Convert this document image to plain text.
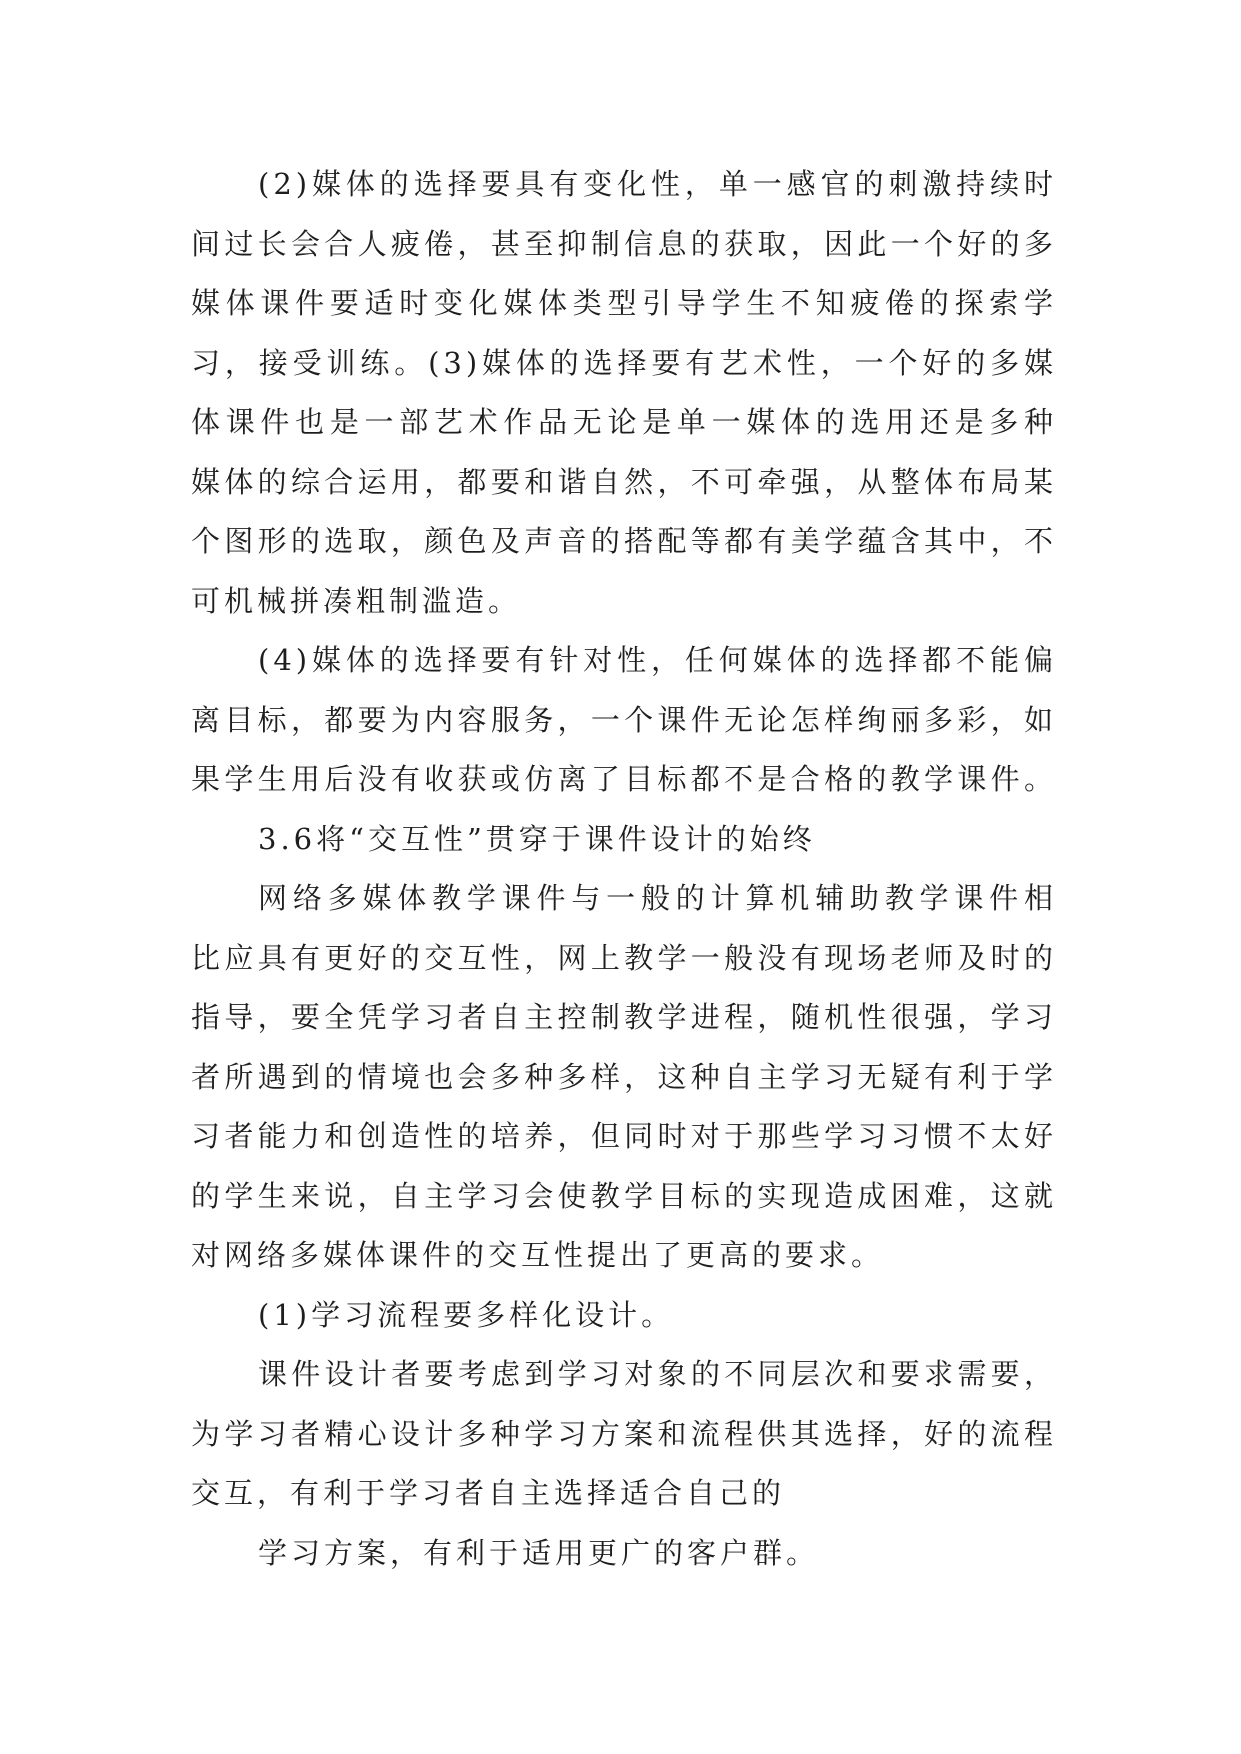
(2)媒体的选择要具有变化性，单一感官的刺激持续时
间过长会合人疲倦，甚至抑制信息的获取，因此一个好的多
媒体课件要适时变化媒体类型引导学生不知疲倦的探索学
习，接受训练。(3)媒体的选择要有艺术性，一个好的多媒
体课件也是一部艺术作品无论是单一媒体的选用还是多种
媒体的综合运用，都要和谐自然，不可牵强，从整体布局某
个图形的选取，颜色及声音的搭配等都有美学蕴含其中，不
可机械拼凑粗制滥造。
(4)媒体的选择要有针对性，任何媒体的选择都不能偏
离目标，都要为内容服务，一个课件无论怎样绚丽多彩，如
果学生用后没有收获或仿离了目标都不是合格的教学课件。
3.6将“交互性”贯穿于课件设计的始终
网络多媒体教学课件与一般的计算机辅助教学课件相
比应具有更好的交互性，网上教学一般没有现场老师及时的
指导，要全凭学习者自主控制教学进程，随机性很强，学习
者所遇到的情境也会多种多样，这种自主学习无疑有利于学
习者能力和创造性的培养，但同时对于那些学习习惯不太好
的学生来说，自主学习会使教学目标的实现造成困难，这就
对网络多媒体课件的交互性提出了更高的要求。
(1)学习流程要多样化设计。
课件设计者要考虑到学习对象的不同层次和要求需要，
为学习者精心设计多种学习方案和流程供其选择，好的流程
交互，有利于学习者自主选择适合自己的
学习方案，有利于适用更广的客户群。
